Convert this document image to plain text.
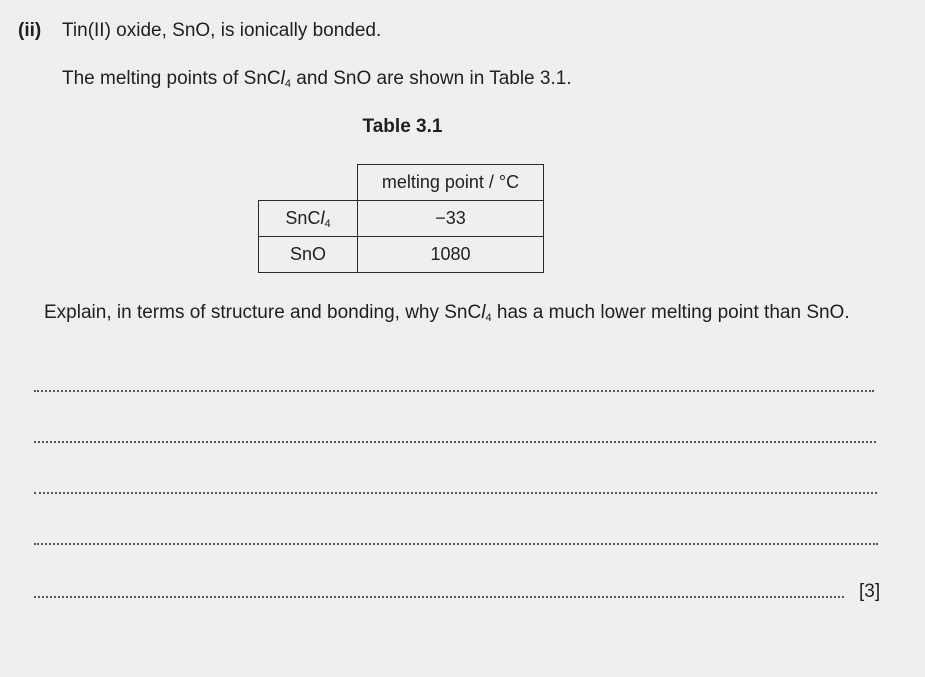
(ii) Tin(II) oxide, SnO, is ionically bonded.
The melting points of SnCl$_4$ and SnO are shown in Table 3.1.
Table 3.1
	melting point / °C
SnCl$_4$	−33
SnO	1080
Explain, in terms of structure and bonding, why SnCl$_4$ has a much lower melting point than SnO.
[3]
